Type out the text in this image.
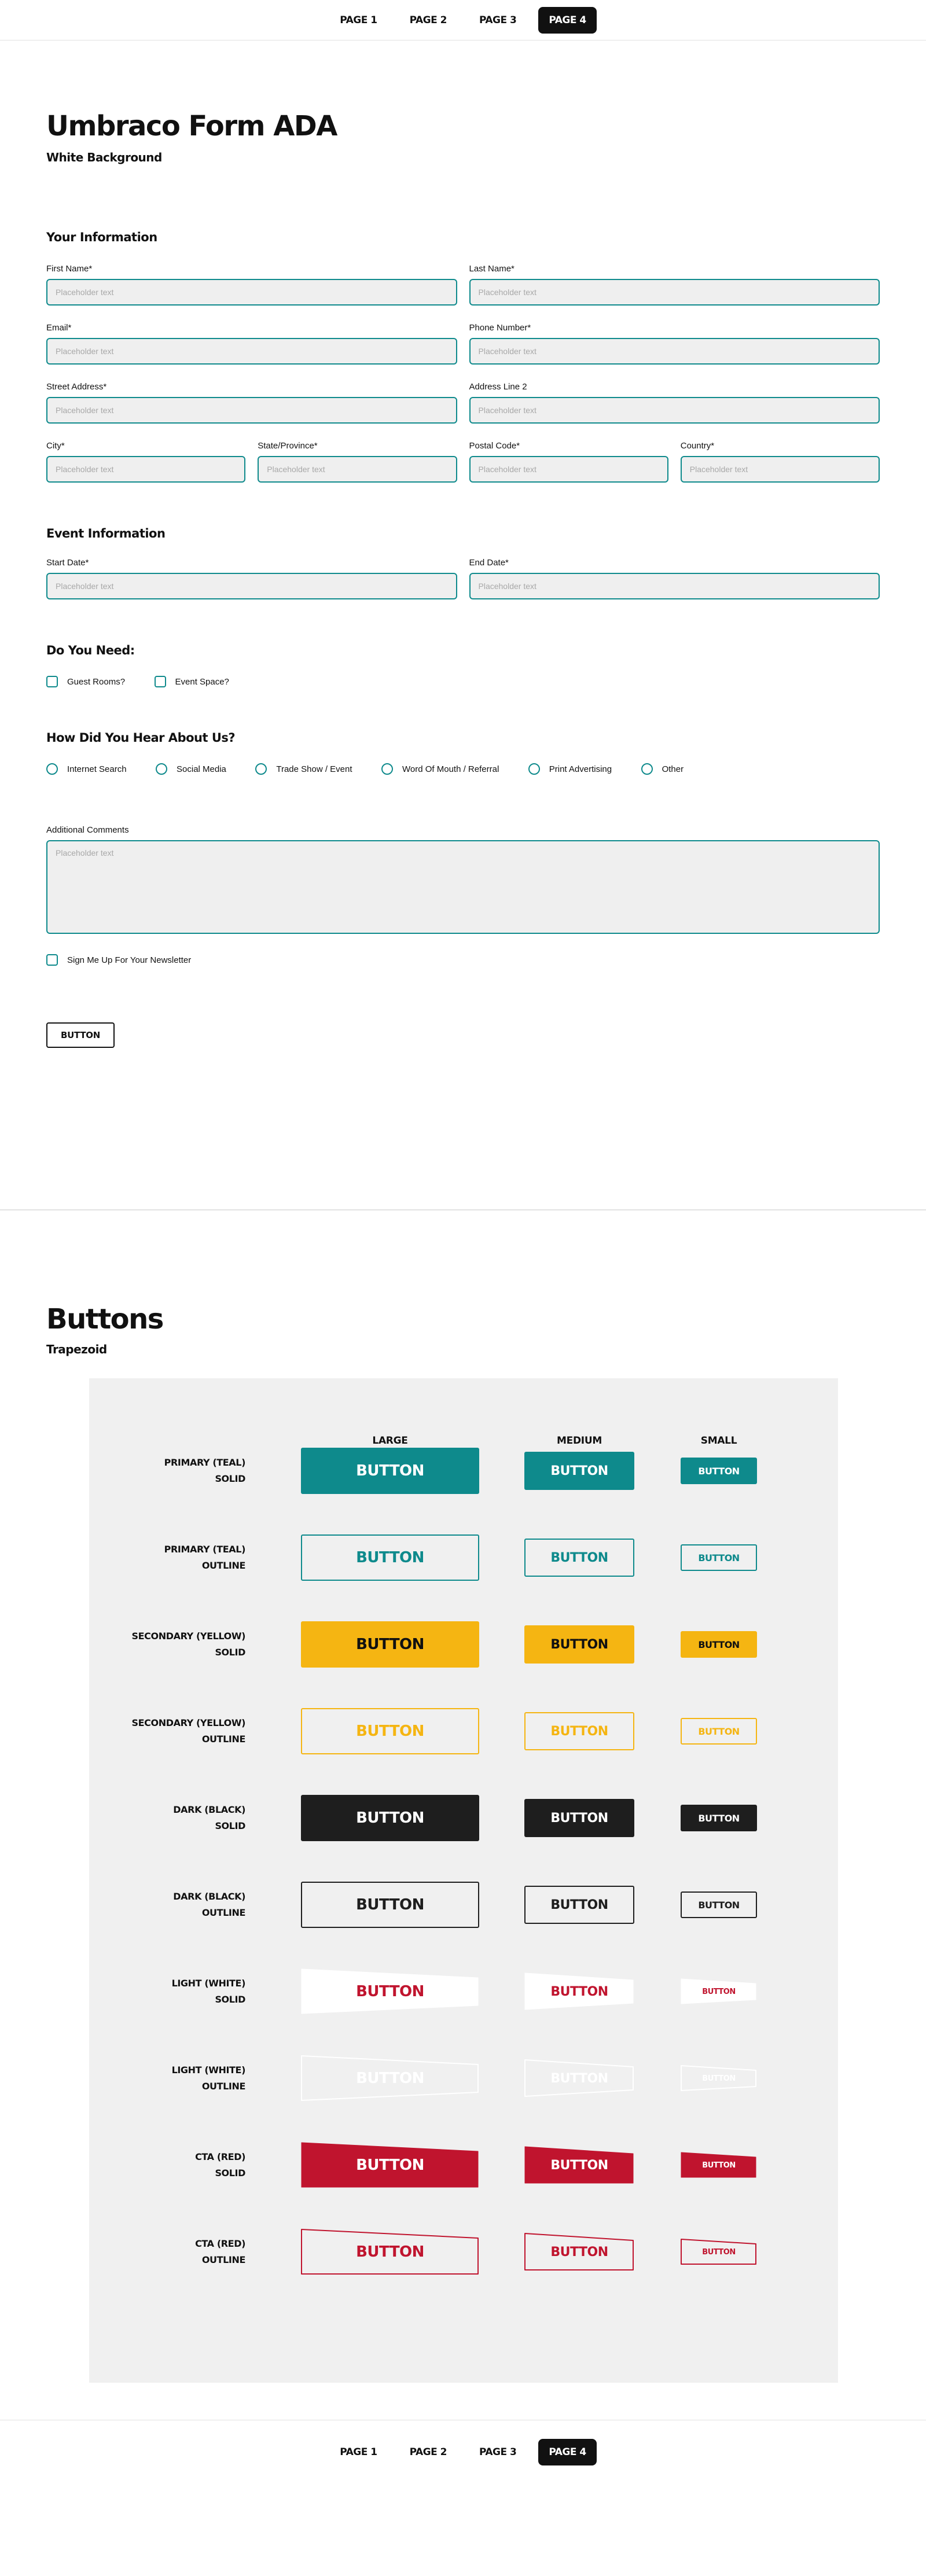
PAGE 1	PAGE 2	PAGE 3	PAGE 4
Umbraco Form ADA
White Background
Your Information
First Name*
Placeholder text	Last Name*
Placeholder text
Email*
Placeholder text	Phone Number*
Placeholder text
Street Address*
Placeholder text	Address Line 2
Placeholder text
City*
Placeholder text	State/Province*
Placeholder text	Postal Code*
Placeholder text	Country*
Placeholder text
Event Information
Start Date*
Placeholder text	End Date*
Placeholder text
Do You Need:
Guest Rooms?
	Event Space?
How Did You Hear About Us?
Internet Search
	Social Media
	Trade Show / Event
	Word Of Mouth / Referral
	Print Advertising
	Other
Additional Comments
Placeholder text
Sign Me Up For Your Newsletter
BUTTON
Buttons
Trapezoid
LARGE	MEDIUM	SMALL
PRIMARY (TEAL)
SOLID	BUTTON	BUTTON	BUTTON
PRIMARY (TEAL)
OUTLINE	BUTTON	BUTTON	BUTTON
SECONDARY (YELLOW)
SOLID	BUTTON	BUTTON	BUTTON
SECONDARY (YELLOW)
OUTLINE	BUTTON	BUTTON	BUTTON
DARK (BLACK)
SOLID	BUTTON	BUTTON	BUTTON
DARK (BLACK)
OUTLINE	BUTTON	BUTTON	BUTTON
LIGHT (WHITE)
SOLID	BUTTON	BUTTON	BUTTON
LIGHT (WHITE)
OUTLINE	BUTTON	BUTTON	BUTTON
CTA (RED)
SOLID	BUTTON	BUTTON	BUTTON
CTA (RED)
OUTLINE	BUTTON	BUTTON	BUTTON
PAGE 1	PAGE 2	PAGE 3	PAGE 4
